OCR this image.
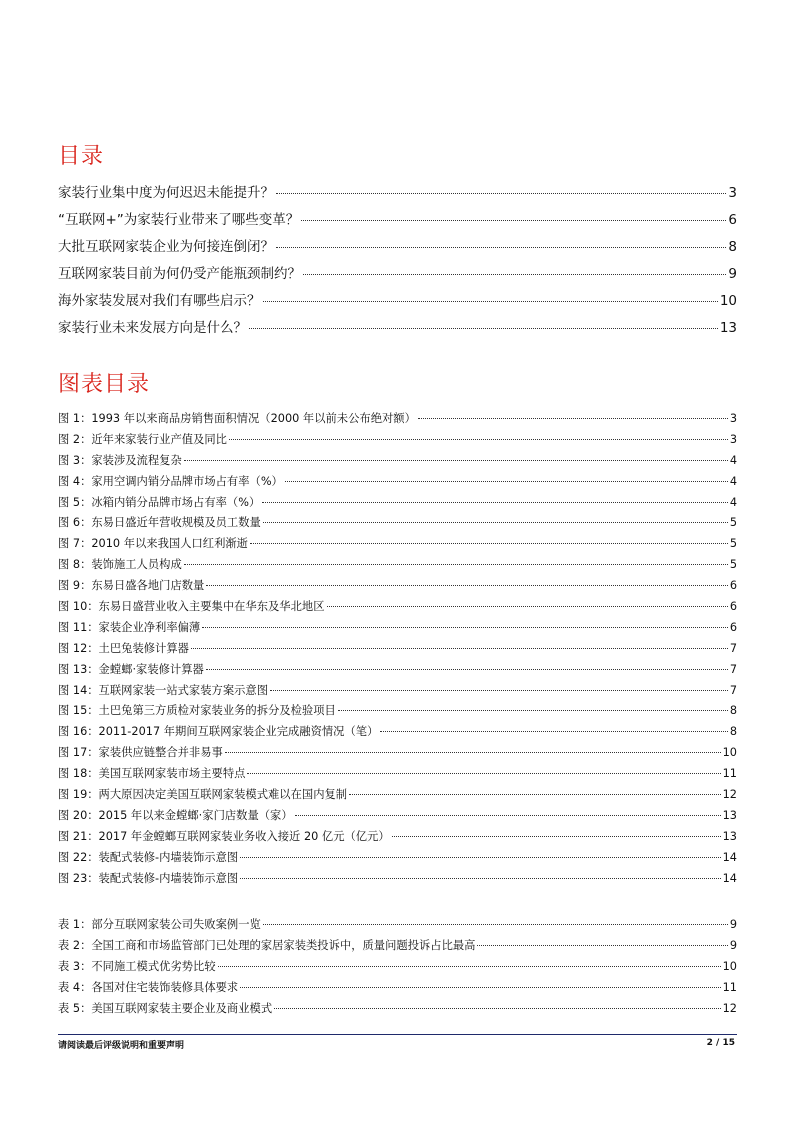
目录
家装行业集中度为何迟迟未能提升？	3
“互联网+”为家装行业带来了哪些变革？	6
大批互联网家装企业为何接连倒闭？	8
互联网家装目前为何仍受产能瓶颈制约？	9
海外家装发展对我们有哪些启示？	10
家装行业未来发展方向是什么？	13
图表目录
图 1：1993 年以来商品房销售面积情况（2000 年以前未公布绝对额）	3
图 2：近年来家装行业产值及同比	3
图 3：家装涉及流程复杂	4
图 4：家用空调内销分品牌市场占有率（%）	4
图 5：冰箱内销分品牌市场占有率（%）	4
图 6：东易日盛近年营收规模及员工数量	5
图 7：2010 年以来我国人口红利渐逝	5
图 8：装饰施工人员构成	5
图 9：东易日盛各地门店数量	6
图 10：东易日盛营业收入主要集中在华东及华北地区	6
图 11：家装企业净利率偏薄	6
图 12：土巴兔装修计算器	7
图 13：金螳螂·家装修计算器	7
图 14：互联网家装一站式家装方案示意图	7
图 15：土巴兔第三方质检对家装业务的拆分及检验项目	8
图 16：2011-2017 年期间互联网家装企业完成融资情况（笔）	8
图 17：家装供应链整合并非易事	10
图 18：美国互联网家装市场主要特点	11
图 19：两大原因决定美国互联网家装模式难以在国内复制	12
图 20：2015 年以来金螳螂·家门店数量（家）	13
图 21：2017 年金螳螂互联网家装业务收入接近 20 亿元（亿元）	13
图 22：装配式装修-内墙装饰示意图	14
图 23：装配式装修-内墙装饰示意图	14
表 1：部分互联网家装公司失败案例一览	9
表 2：全国工商和市场监管部门已处理的家居家装类投诉中，质量问题投诉占比最高	9
表 3：不同施工模式优劣势比较	10
表 4：各国对住宅装饰装修具体要求	11
表 5：美国互联网家装主要企业及商业模式	12
请阅读最后评级说明和重要声明	2 / 15
